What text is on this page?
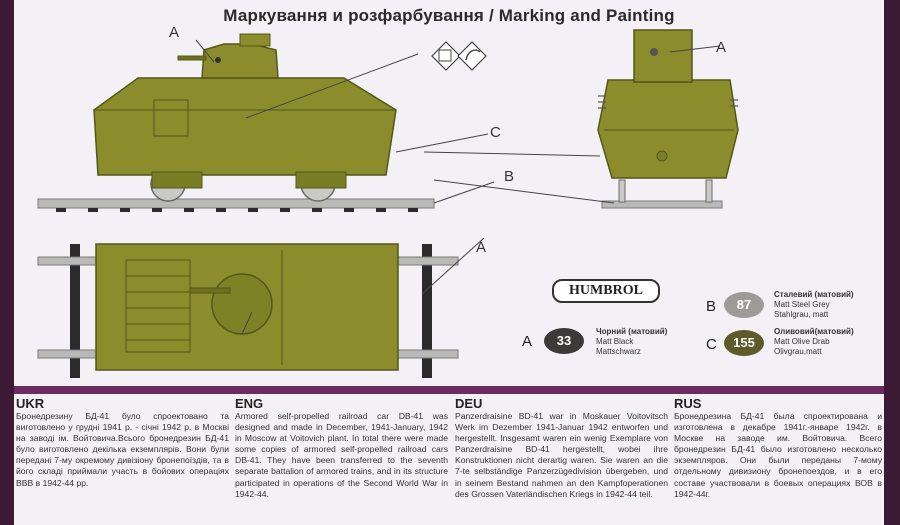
Маркування и розфарбування / Marking and Painting
A
A
C
B
A
HUMBROL
A	33
Чорний (матовий)
Matt Black
Mattschwarz
B	87
Сталевий (матовий)
Matt Steel Grey
Stahlgrau, matt
C	155
Оливовий(матовий)
Matt Olive Drab
Olivgrau,matt
UKR
Бронедрезину БД-41 було спроектовано та виготовлено у грудні 1941 р. - січні 1942 р. в Москві на заводі ім. Войтовича.Всього бронедрезин БД-41 було виготовлено декілька екземплярів. Вони були передані 7-му окремому дивізіону бронепоїздів, та в його складі приймали участь в бойових операціях ВВВ в 1942-44 рр.
ENG
Armored self-propelled railroad car DB-41 was designed and made in December, 1941-January, 1942 in Moscow at Voitovich plant. In total there were made some copies of armored self-propelled railroad cars DB-41. They have been transferred to the seventh separate battalion of armored trains, and in its structure participated in operations of the Second World War in 1942-44.
DEU
Panzerdraisine BD-41 war in Moskauer Voitovitsch Werk im Dezember 1941-Januar 1942 entworfen und hergestellt. Insgesamt waren ein wenig Exemplare von Panzerdraisine BD-41 hergestellt, wobei ihre Konstruktionen nicht derartig waren. Sie waren an die 7-te selbständige Panzerzügedivision übergeben, und in seinem Bestand nahmen an den Kampfoperationen des Grossen Vaterländischen Kriegs in 1942-44 teil.
RUS
Бронедрезина БД-41 была спроектирована и изготовлена в декабре 1941г.-январе 1942г. в Москве на заводе им. Войтовича. Всего бронедрезин БД-41 было изготовлено несколько экземпляров. Они были переданы 7-мому отдельному дивизиону бронепоездов, и в его составе участвовали в боевых операциях ВОВ в 1942-44г.
